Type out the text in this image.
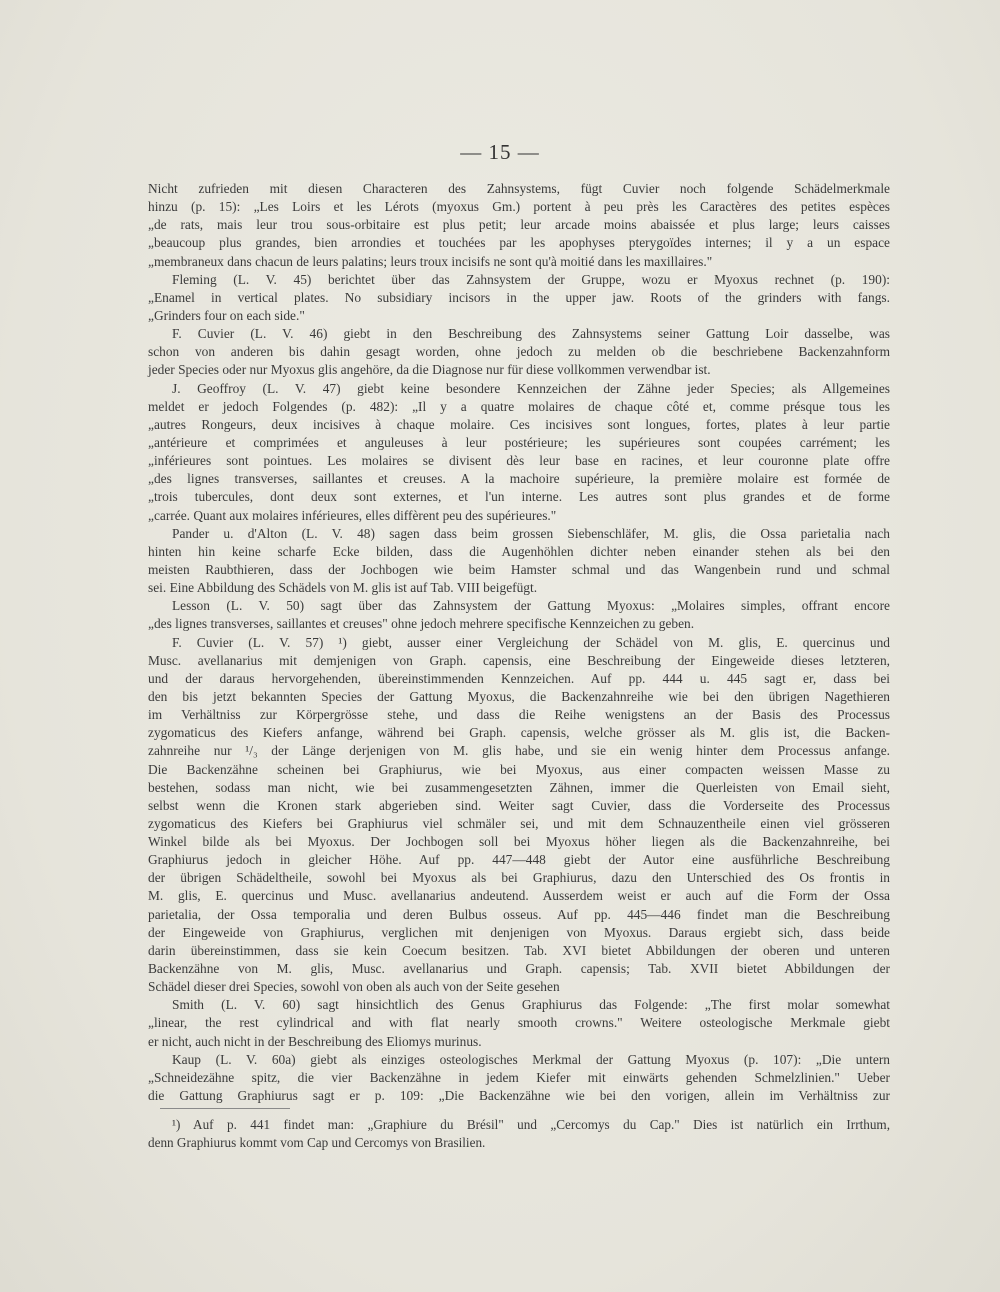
— 15 —
Nicht zufrieden mit diesen Characteren des Zahnsystems, fügt Cuvier noch folgende Schädelmerkmale
hinzu (p. 15): „Les Loirs et les Lérots (myoxus Gm.) portent à peu près les Caractères des petites espèces
„de rats, mais leur trou sous-orbitaire est plus petit; leur arcade moins abaissée et plus large; leurs caisses
„beaucoup plus grandes, bien arrondies et touchées par les apophyses pterygoïdes internes; il y a un espace
„membraneux dans chacun de leurs palatins; leurs troux incisifs ne sont qu'à moitié dans les maxillaires."
Fleming (L. V. 45) berichtet über das Zahnsystem der Gruppe, wozu er Myoxus rechnet (p. 190):
„Enamel in vertical plates. No subsidiary incisors in the upper jaw. Roots of the grinders with fangs.
„Grinders four on each side."
F. Cuvier (L. V. 46) giebt in den Beschreibung des Zahnsystems seiner Gattung Loir dasselbe, was
schon von anderen bis dahin gesagt worden, ohne jedoch zu melden ob die beschriebene Backenzahnform
jeder Species oder nur Myoxus glis angehöre, da die Diagnose nur für diese vollkommen verwendbar ist.
J. Geoffroy (L. V. 47) giebt keine besondere Kennzeichen der Zähne jeder Species; als Allgemeines
meldet er jedoch Folgendes (p. 482): „Il y a quatre molaires de chaque côté et, comme présque tous les
„autres Rongeurs, deux incisives à chaque molaire. Ces incisives sont longues, fortes, plates à leur partie
„antérieure et comprimées et anguleuses à leur postérieure; les supérieures sont coupées carrément; les
„inférieures sont pointues. Les molaires se divisent dès leur base en racines, et leur couronne plate offre
„des lignes transverses, saillantes et creuses. A la machoire supérieure, la première molaire est formée de
„trois tubercules, dont deux sont externes, et l'un interne. Les autres sont plus grandes et de forme
„carrée. Quant aux molaires inférieures, elles diffèrent peu des supérieures."
Pander u. d'Alton (L. V. 48) sagen dass beim grossen Siebenschläfer, M. glis, die Ossa parietalia nach
hinten hin keine scharfe Ecke bilden, dass die Augenhöhlen dichter neben einander stehen als bei den
meisten Raubthieren, dass der Jochbogen wie beim Hamster schmal und das Wangenbein rund und schmal
sei. Eine Abbildung des Schädels von M. glis ist auf Tab. VIII beigefügt.
Lesson (L. V. 50) sagt über das Zahnsystem der Gattung Myoxus: „Molaires simples, offrant encore
„des lignes transverses, saillantes et creuses" ohne jedoch mehrere specifische Kennzeichen zu geben.
F. Cuvier (L. V. 57) ¹) giebt, ausser einer Vergleichung der Schädel von M. glis, E. quercinus und
Musc. avellanarius mit demjenigen von Graph. capensis, eine Beschreibung der Eingeweide dieses letzteren,
und der daraus hervorgehenden, übereinstimmenden Kennzeichen. Auf pp. 444 u. 445 sagt er, dass bei
den bis jetzt bekannten Species der Gattung Myoxus, die Backenzahnreihe wie bei den übrigen Nagethieren
im Verhältniss zur Körpergrösse stehe, und dass die Reihe wenigstens an der Basis des Processus
zygomaticus des Kiefers anfange, während bei Graph. capensis, welche grösser als M. glis ist, die Backen-
zahnreihe nur ¹/₃ der Länge derjenigen von M. glis habe, und sie ein wenig hinter dem Processus anfange.
Die Backenzähne scheinen bei Graphiurus, wie bei Myoxus, aus einer compacten weissen Masse zu
bestehen, sodass man nicht, wie bei zusammengesetzten Zähnen, immer die Querleisten von Email sieht,
selbst wenn die Kronen stark abgerieben sind. Weiter sagt Cuvier, dass die Vorderseite des Processus
zygomaticus des Kiefers bei Graphiurus viel schmäler sei, und mit dem Schnauzentheile einen viel grösseren
Winkel bilde als bei Myoxus. Der Jochbogen soll bei Myoxus höher liegen als die Backenzahnreihe, bei
Graphiurus jedoch in gleicher Höhe. Auf pp. 447—448 giebt der Autor eine ausführliche Beschreibung
der übrigen Schädeltheile, sowohl bei Myoxus als bei Graphiurus, dazu den Unterschied des Os frontis in
M. glis, E. quercinus und Musc. avellanarius andeutend. Ausserdem weist er auch auf die Form der Ossa
parietalia, der Ossa temporalia und deren Bulbus osseus. Auf pp. 445—446 findet man die Beschreibung
der Eingeweide von Graphiurus, verglichen mit denjenigen von Myoxus. Daraus ergiebt sich, dass beide
darin übereinstimmen, dass sie kein Coecum besitzen. Tab. XVI bietet Abbildungen der oberen und unteren
Backenzähne von M. glis, Musc. avellanarius und Graph. capensis; Tab. XVII bietet Abbildungen der
Schädel dieser drei Species, sowohl von oben als auch von der Seite gesehen
Smith (L. V. 60) sagt hinsichtlich des Genus Graphiurus das Folgende: „The first molar somewhat
„linear, the rest cylindrical and with flat nearly smooth crowns." Weitere osteologische Merkmale giebt
er nicht, auch nicht in der Beschreibung des Eliomys murinus.
Kaup (L. V. 60a) giebt als einziges osteologisches Merkmal der Gattung Myoxus (p. 107): „Die untern
„Schneidezähne spitz, die vier Backenzähne in jedem Kiefer mit einwärts gehenden Schmelzlinien." Ueber
die Gattung Graphiurus sagt er p. 109: „Die Backenzähne wie bei den vorigen, allein im Verhältniss zur
¹) Auf p. 441 findet man: „Graphiure du Brésil" und „Cercomys du Cap." Dies ist natürlich ein Irrthum,
denn Graphiurus kommt vom Cap und Cercomys von Brasilien.
